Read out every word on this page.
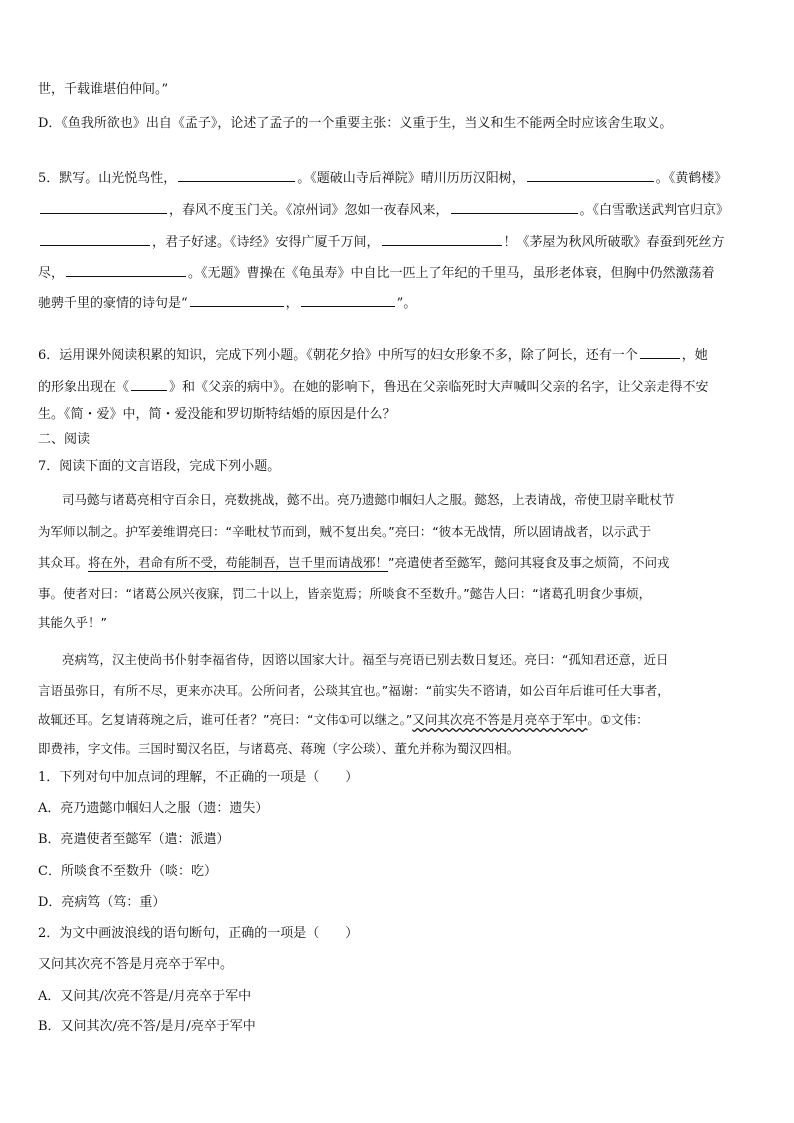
世，千载谁堪伯仲间。”
D．《鱼我所欲也》出自《孟子》，论述了孟子的一个重要主张：义重于生，当义和生不能两全时应该舍生取义。
5．默写。山光悦鸟性，	。《题破山寺后禅院》晴川历历汉阳树，	。《黄鹤楼》
，春风不度玉门关。《凉州词》忽如一夜春风来，	。《白雪歌送武判官归京》
，君子好逑。《诗经》安得广厦千万间，	！《茅屋为秋风所破歌》春蚕到死丝方
尽，	。《无题》曹操在《龟虽寿》中自比一匹上了年纪的千里马，虽形老体衰，但胸中仍然激荡着
驰骋千里的豪情的诗句是“	，	”。
6．运用课外阅读积累的知识，完成下列小题。《朝花夕拾》中所写的妇女形象不多，除了阿长，还有一个	，她
的形象出现在《	》和《父亲的病中》。在她的影响下，鲁迅在父亲临死时大声喊叫父亲的名字，让父亲走得不安
生。《简・爱》中，简・爱没能和罗切斯特结婚的原因是什么？
二、阅读
7．阅读下面的文言语段，完成下列小题。
司马懿与诸葛亮相守百余日，亮数挑战，懿不出。亮乃遗懿巾帼妇人之服。懿怒，上表请战，帝使卫尉辛毗杖节
为军师以制之。护军姜维谓亮曰：“辛毗杖节而到，贼不复出矣。”亮曰：“彼本无战情，所以固请战者，以示武于
其众耳。将在外，君命有所不受，苟能制吾，岂千里而请战邪！”亮遣使者至懿军，懿问其寝食及事之烦简，不问戎
事。使者对曰：“诸葛公夙兴夜寐，罚二十以上，皆亲览焉；所啖食不至数升。”懿告人曰：“诸葛孔明食少事烦，
其能久乎！”
亮病笃，汉主使尚书仆射李福省侍，因谘以国家大计。福至与亮语已别去数日复还。亮曰：“孤知君还意，近日
言语虽弥日，有所不尽，更来亦决耳。公所问者，公琰其宜也。”福谢：“前实失不谘请，如公百年后谁可任大事者，
故辄还耳。乞复请蒋琬之后，谁可任者？”亮曰：“文伟①可以继之。”又问其次亮不答是月亮卒于军中。①文伟：
即费祎，字文伟。三国时蜀汉名臣，与诸葛亮、蒋琬（字公琰）、董允并称为蜀汉四相。
1．下列对句中加点词的理解，不正确的一项是（　　）
A．亮乃遗懿巾帼妇人之服（遗：遗失）
B．亮遣使者至懿军（遣：派遣）
C．所啖食不至数升（啖：吃）
D．亮病笃（笃：重）
2．为文中画波浪线的语句断句，正确的一项是（　　）
又问其次亮不答是月亮卒于军中。
A．又问其/次亮不答是/月亮卒于军中
B．又问其次/亮不答/是月/亮卒于军中
